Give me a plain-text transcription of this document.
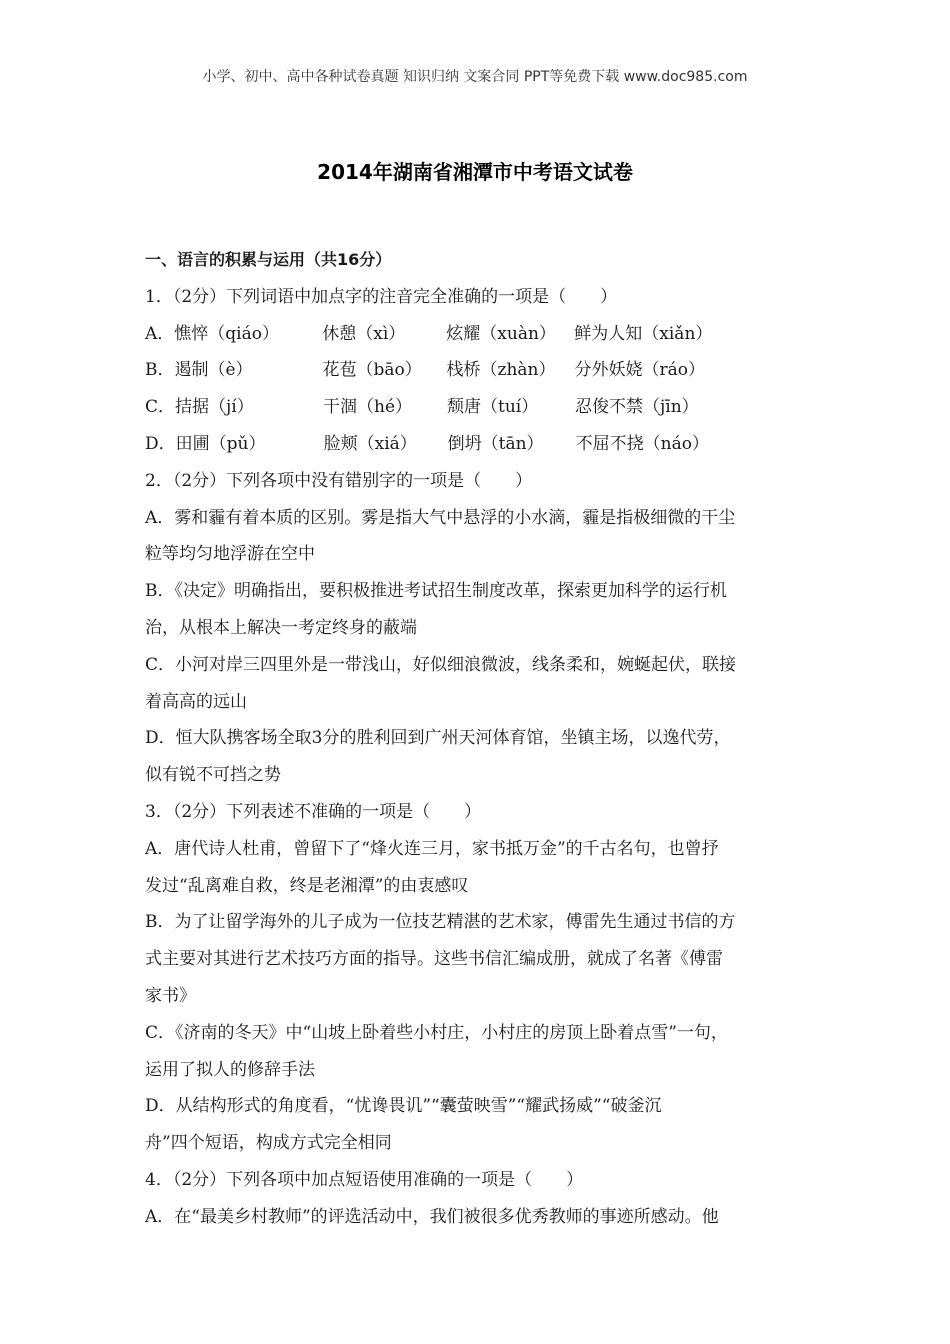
小学、初中、高中各种试卷真题 知识归纳 文案合同 PPT等免费下载 www.doc985.com
2014年湖南省湘潭市中考语文试卷
一、语言的积累与运用（共16分）
1．（2分）下列词语中加点字的注音完全准确的一项是（　　）
A．憔悴（qiáo）	休憩（xì） 炫耀（xuàn） 鲜为人知（xiǎn）
B．遏制（è）	花苞（bāo） 栈桥（zhàn） 分外妖娆（ráo）
C．拮据（jí）	干涸（hé） 颓唐（tuí） 忍俊不禁（jīn）
D．田圃（pǔ）	脸颊（xiá） 倒坍（tān） 不屈不挠（náo）
2．（2分）下列各项中没有错别字的一项是（　　）
A．雾和霾有着本质的区别。雾是指大气中悬浮的小水滴，霾是指极细微的干尘
粒等均匀地浮游在空中
B．《决定》明确指出，要积极推进考试招生制度改革，探索更加科学的运行机
治，从根本上解决一考定终身的蔽端
C．小河对岸三四里外是一带浅山，好似细浪微波，线条柔和，婉蜒起伏，联接
着高高的远山
D．恒大队携客场全取3分的胜利回到广州天河体育馆，坐镇主场，以逸代劳，
似有锐不可挡之势
3．（2分）下列表述不准确的一项是（　　）
A．唐代诗人杜甫，曾留下了“烽火连三月，家书抵万金”的千古名句，也曾抒
发过“乱离难自救，终是老湘潭”的由衷感叹
B．为了让留学海外的儿子成为一位技艺精湛的艺术家，傅雷先生通过书信的方
式主要对其进行艺术技巧方面的指导。这些书信汇编成册，就成了名著《傅雷
家书》
C．《济南的冬天》中“山坡上卧着些小村庄，小村庄的房顶上卧着点雪”一句，
运用了拟人的修辞手法
D．从结构形式的角度看，“忧谗畏讥”“囊萤映雪”“耀武扬威”“破釜沉
舟”四个短语，构成方式完全相同
4．（2分）下列各项中加点短语使用准确的一项是（　　）
A．在“最美乡村教师”的评选活动中，我们被很多优秀教师的事迹所感动。他
